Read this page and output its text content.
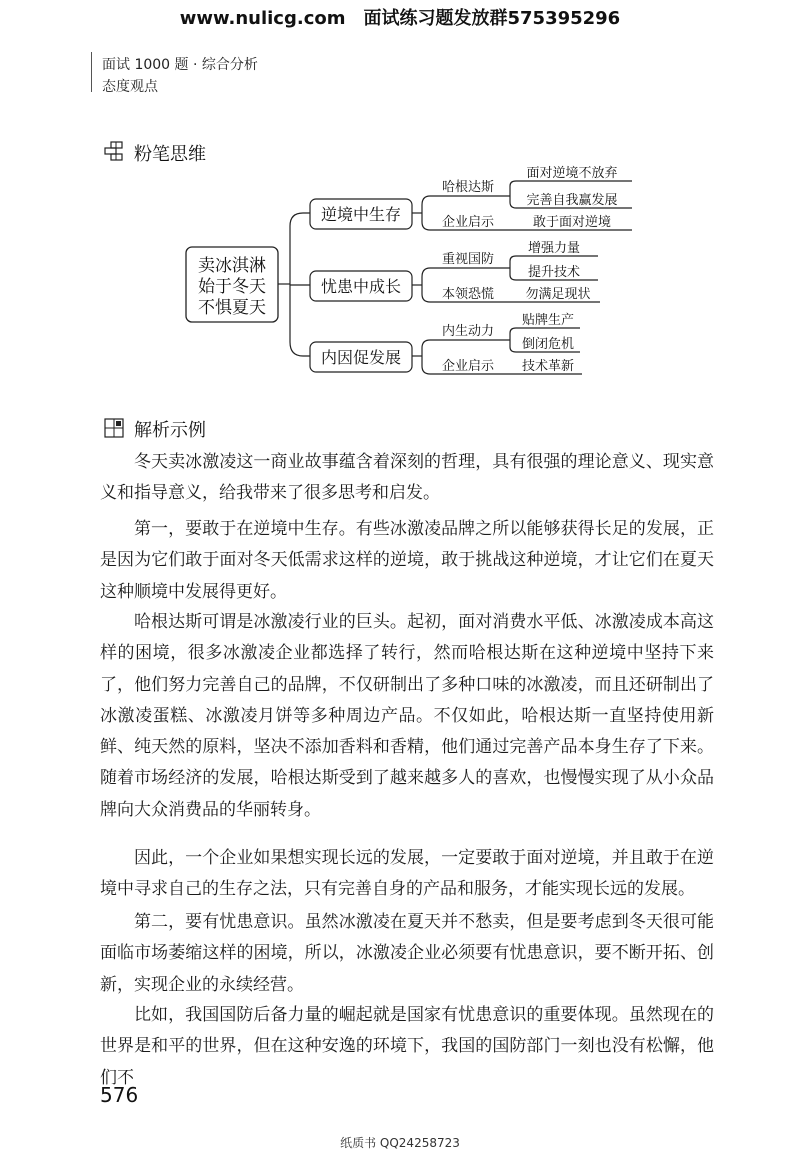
www.nulicg.com　面试练习题发放群575395296
面试 1000 题 · 综合分析
态度观点
粉笔思维
卖冰淇淋
始于冬天
不惧夏天
逆境中生存
哈根达斯
企业启示
面对逆境不放弃
完善自我赢发展
敢于面对逆境
忧患中成长
重视国防
本领恐慌
增强力量
提升技术
勿满足现状
内因促发展
内生动力
企业启示
贴牌生产
倒闭危机
技术革新
解析示例

冬天卖冰激凌这一商业故事蕴含着深刻的哲理，具有很强的理论意义、现实意义和指导意义，给我带来了很多思考和启发。

第一，要敢于在逆境中生存。有些冰激凌品牌之所以能够获得长足的发展，正是因为它们敢于面对冬天低需求这样的逆境，敢于挑战这种逆境，才让它们在夏天这种顺境中发展得更好。

哈根达斯可谓是冰激凌行业的巨头。起初，面对消费水平低、冰激凌成本高这样的困境，很多冰激凌企业都选择了转行，然而哈根达斯在这种逆境中坚持下来了，他们努力完善自己的品牌，不仅研制出了多种口味的冰激凌，而且还研制出了冰激凌蛋糕、冰激凌月饼等多种周边产品。不仅如此，哈根达斯一直坚持使用新鲜、纯天然的原料，坚决不添加香料和香精，他们通过完善产品本身生存了下来。随着市场经济的发展，哈根达斯受到了越来越多人的喜欢，也慢慢实现了从小众品牌向大众消费品的华丽转身。

因此，一个企业如果想实现长远的发展，一定要敢于面对逆境，并且敢于在逆境中寻求自己的生存之法，只有完善自身的产品和服务，才能实现长远的发展。

第二，要有忧患意识。虽然冰激凌在夏天并不愁卖，但是要考虑到冬天很可能面临市场萎缩这样的困境，所以，冰激凌企业必须要有忧患意识，要不断开拓、创新，实现企业的永续经营。

比如，我国国防后备力量的崛起就是国家有忧患意识的重要体现。虽然现在的世界是和平的世界，但在这种安逸的环境下，我国的国防部门一刻也没有松懈，他们不

576
纸质书 QQ24258723
